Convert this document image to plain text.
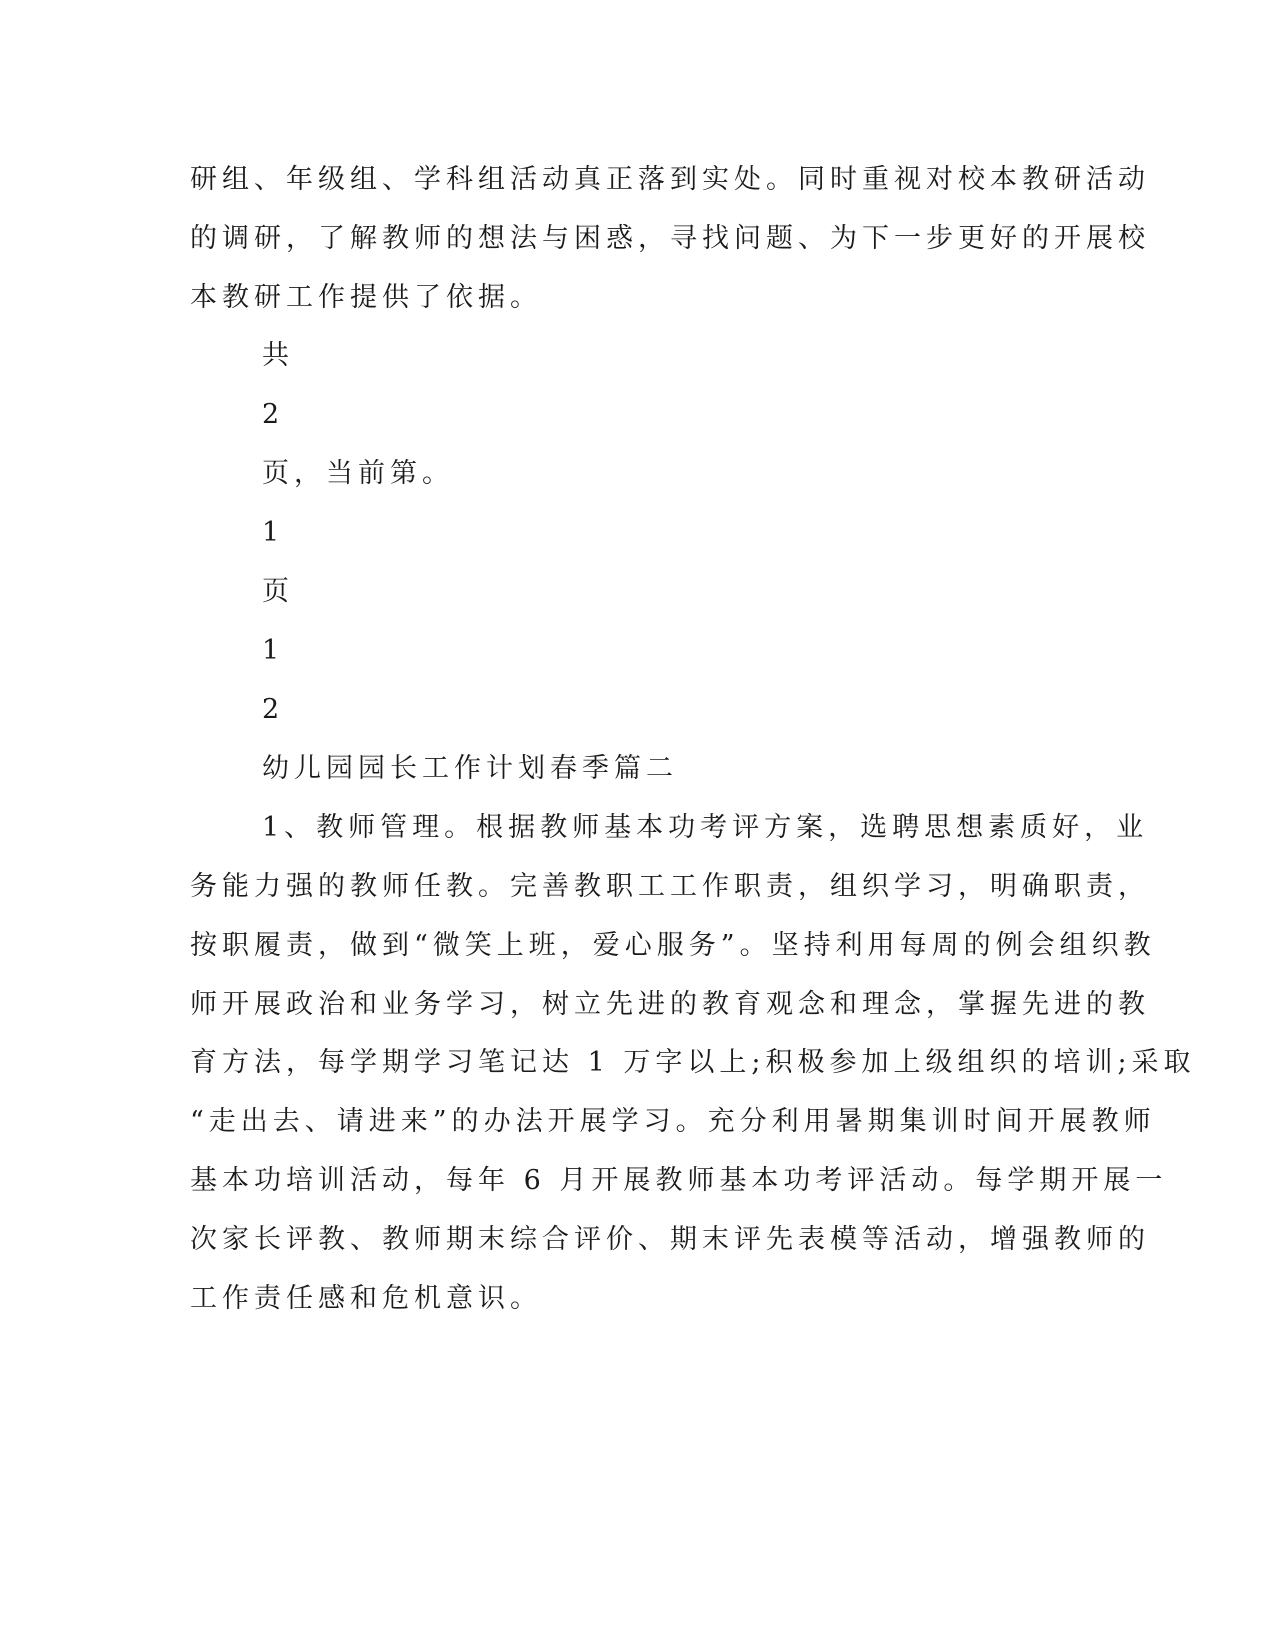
研组、年级组、学科组活动真正落到实处。同时重视对校本教研活动
的调研，了解教师的想法与困惑，寻找问题、为下一步更好的开展校
本教研工作提供了依据。
共
2
页，当前第。
1
页
1
2
幼儿园园长工作计划春季篇二
1、教师管理。根据教师基本功考评方案，选聘思想素质好，业
务能力强的教师任教。完善教职工工作职责，组织学习，明确职责，
按职履责，做到“微笑上班，爱心服务”。坚持利用每周的例会组织教
师开展政治和业务学习，树立先进的教育观念和理念，掌握先进的教
育方法，每学期学习笔记达 1 万字以上;积极参加上级组织的培训;采取
“走出去、请进来”的办法开展学习。充分利用暑期集训时间开展教师
基本功培训活动，每年 6 月开展教师基本功考评活动。每学期开展一
次家长评教、教师期末综合评价、期末评先表模等活动，增强教师的
工作责任感和危机意识。
